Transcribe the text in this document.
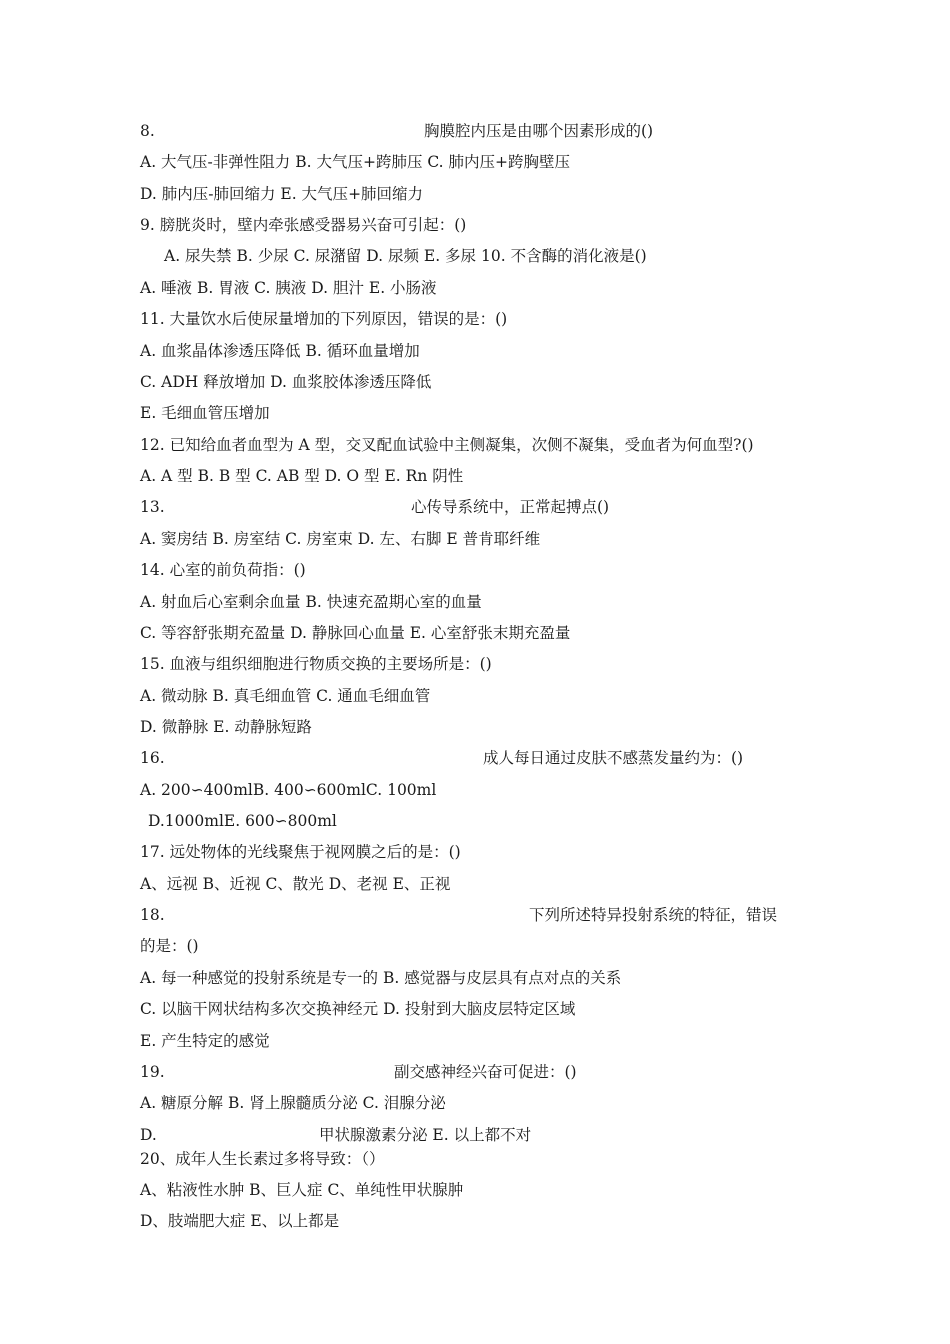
8.	胸膜腔内压是由哪个因素形成的()
A. 大气压-非弹性阻力 B. 大气压+跨肺压 C. 肺内压+跨胸壁压
D. 肺内压-肺回缩力 E. 大气压+肺回缩力
9. 膀胱炎时，壁内牵张感受器易兴奋可引起：()
A. 尿失禁 B. 少尿 C. 尿潴留 D. 尿频 E. 多尿 10. 不含酶的消化液是()
A. 唾液 B. 胃液 C. 胰液 D. 胆汁 E. 小肠液
11. 大量饮水后使尿量增加的下列原因，错误的是：()
A. 血浆晶体渗透压降低 B. 循环血量增加
C. ADH 释放增加 D. 血浆胶体渗透压降低
E. 毛细血管压增加
12. 已知给血者血型为 A 型，交叉配血试验中主侧凝集，次侧不凝集，受血者为何血型?()
A. A 型 B. B 型 C. AB 型 D. O 型 E. Rn 阴性
13.	心传导系统中，正常起搏点()
A. 窦房结 B. 房室结 C. 房室束 D. 左、右脚 E 普肯耶纤维
14. 心室的前负荷指：()
A. 射血后心室剩余血量 B. 快速充盈期心室的血量
C. 等容舒张期充盈量 D. 静脉回心血量 E. 心室舒张末期充盈量
15. 血液与组织细胞进行物质交换的主要场所是：()
A. 微动脉 B. 真毛细血管 C. 通血毛细血管
D. 微静脉 E. 动静脉短路
16.	成人每日通过皮肤不感蒸发量约为：()
A. 200∽400mlB. 400∽600mlC. 100ml
D.1000mlE. 600∽800ml
17. 远处物体的光线聚焦于视网膜之后的是：()
A、远视 B、近视 C、散光 D、老视 E、正视
18.	下列所述特异投射系统的特征，错误
的是：()
A. 每一种感觉的投射系统是专一的 B. 感觉器与皮层具有点对点的关系
C. 以脑干网状结构多次交换神经元 D. 投射到大脑皮层特定区域
E. 产生特定的感觉
19.	副交感神经兴奋可促进：()
A. 糖原分解 B. 肾上腺髓质分泌 C. 泪腺分泌
D.	甲状腺激素分泌 E. 以上都不对
20、成年人生长素过多将导致：（）
A、粘液性水肿 B、巨人症 C、单纯性甲状腺肿
D、肢端肥大症 E、以上都是
